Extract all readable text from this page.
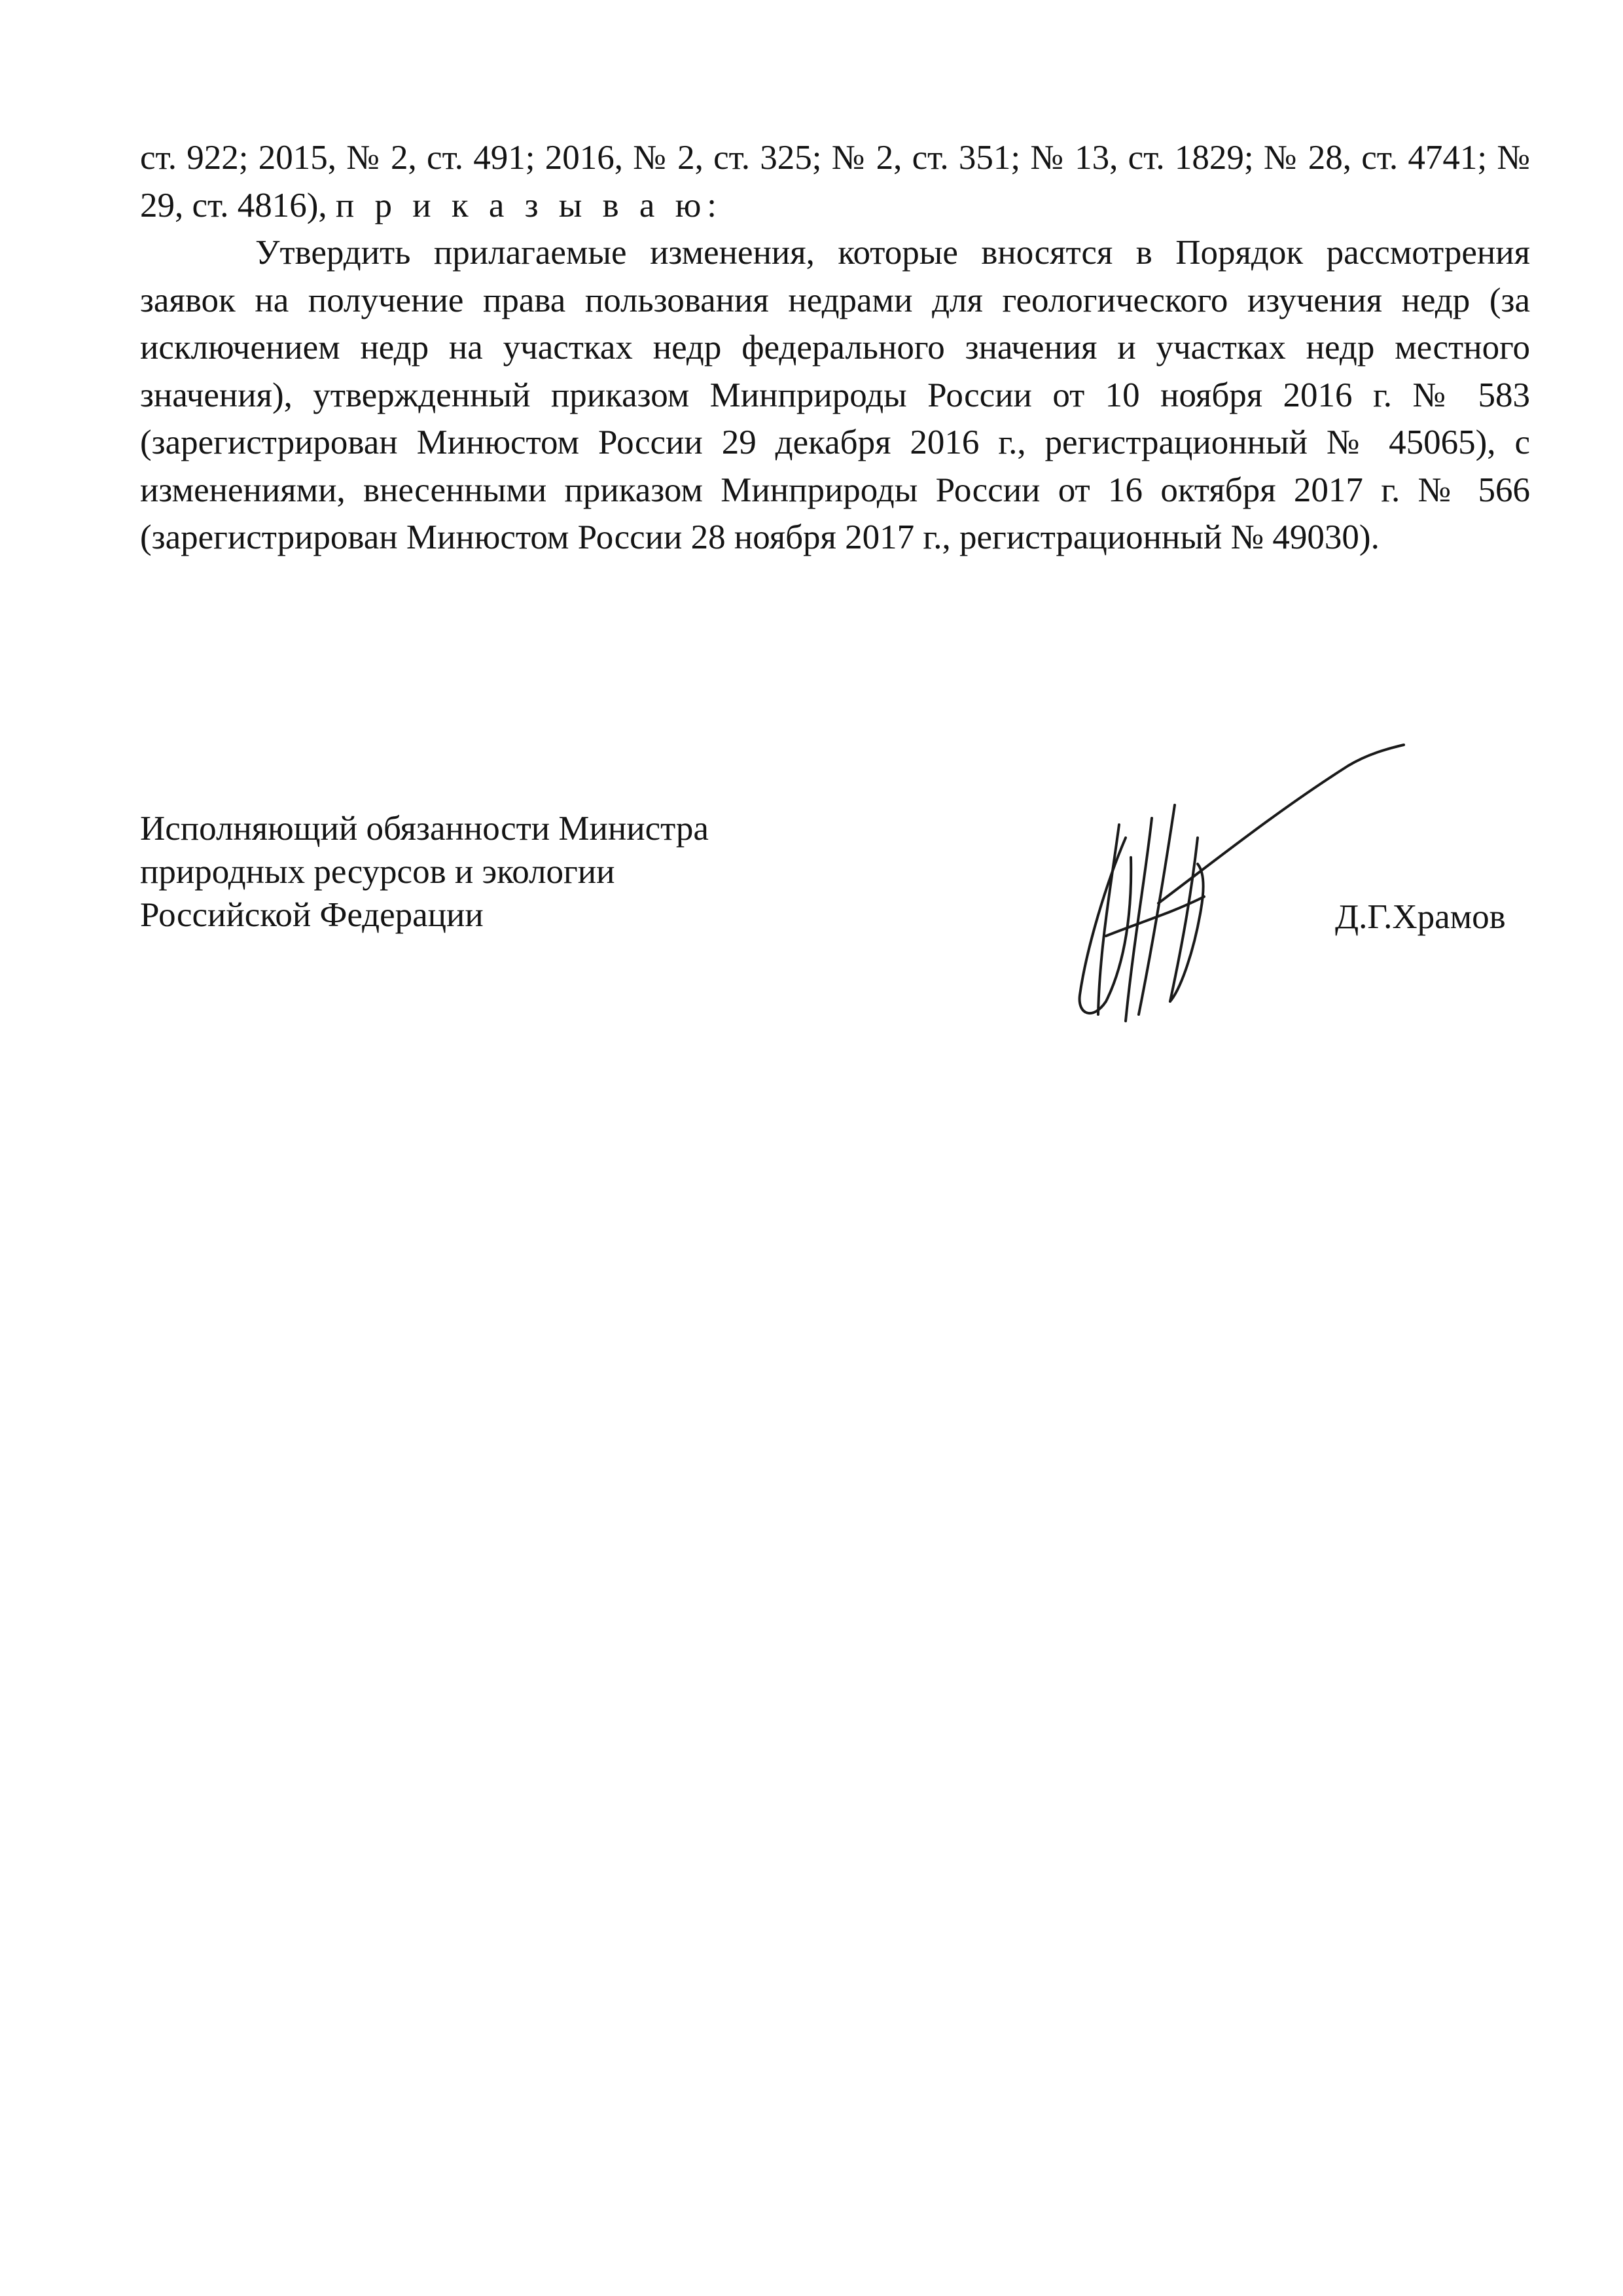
ст. 922; 2015, № 2, ст. 491; 2016, № 2, ст. 325; № 2, ст. 351; № 13, ст. 1829; № 28, ст. 4741; № 29, ст. 4816), п р и к а з ы в а ю:

Утвердить прилагаемые изменения, которые вносятся в Порядок рассмотрения заявок на получение права пользования недрами для геологического изучения недр (за исключением недр на участках недр федерального значения и участках недр местного значения), утвержденный приказом Минприроды России от 10 ноября 2016 г. № 583 (зарегистрирован Минюстом России 29 декабря 2016 г., регистрационный № 45065), с изменениями, внесенными приказом Минприроды России от 16 октября 2017 г. № 566 (зарегистрирован Минюстом России 28 ноября 2017 г., регистрационный № 49030).

Исполняющий обязанности Министра
природных ресурсов и экологии
Российской Федерации	Д.Г.Храмов
